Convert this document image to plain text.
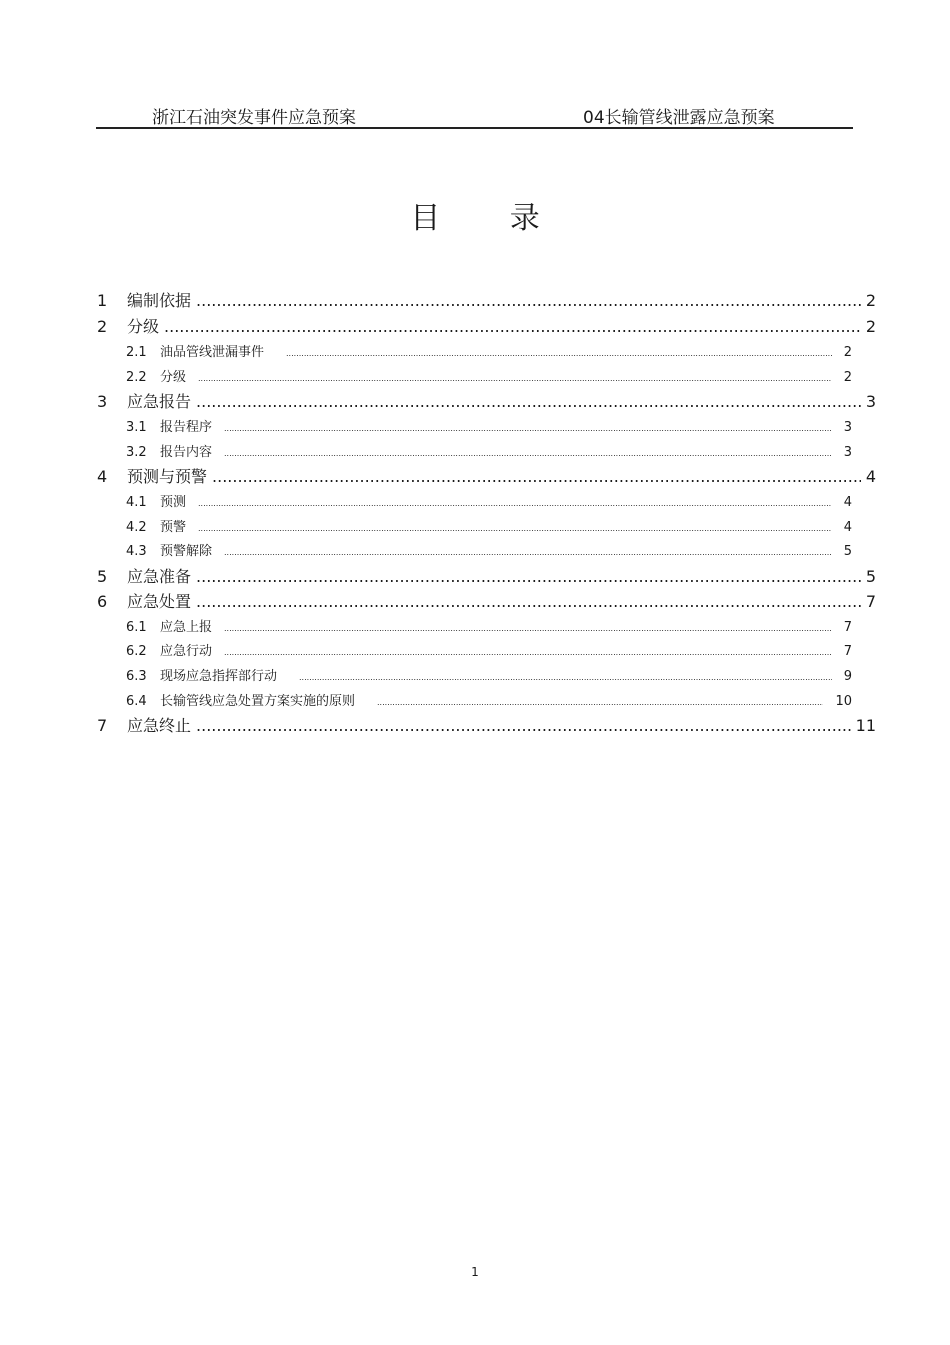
浙江石油突发事件应急预案	04长输管线泄露应急预案
目 录
1	编制依据 .....	2
2	分级 .....	2
2.1	油品管线泄漏事件 .....	2
2.2	分级 .....	2
3	应急报告 .....	3
3.1	报告程序 .....	3
3.2	报告内容 .....	3
4	预测与预警 .....	4
4.1	预测 .....	4
4.2	预警 .....	4
4.3	预警解除 .....	5
5	应急准备 .....	5
6	应急处置 .....	7
6.1	应急上报 .....	7
6.2	应急行动 .....	7
6.3	现场应急指挥部行动 .....	9
6.4	长输管线应急处置方案实施的原则 .....	10
7	应急终止 .....	11
1
